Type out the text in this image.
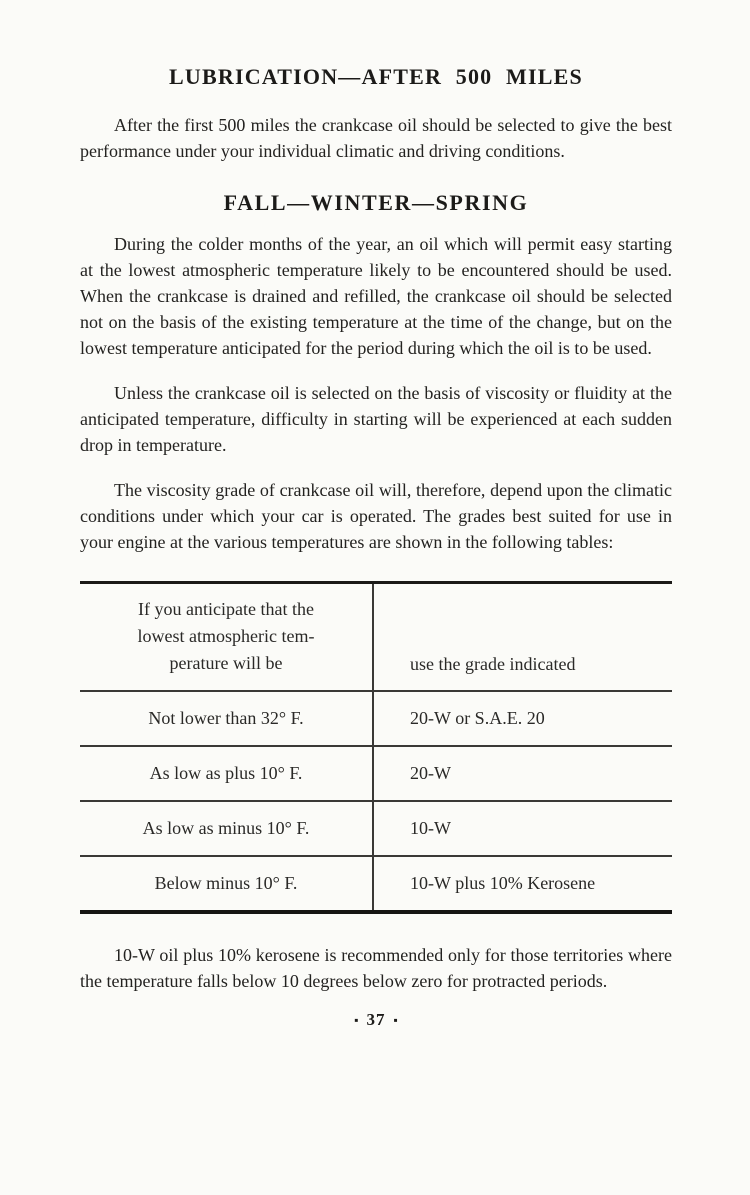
LUBRICATION—AFTER 500 MILES

After the first 500 miles the crankcase oil should be selected to give the best performance under your individual climatic and driving conditions.

FALL—WINTER—SPRING

During the colder months of the year, an oil which will permit easy starting at the lowest atmospheric temperature likely to be encountered should be used. When the crankcase is drained and refilled, the crankcase oil should be selected not on the basis of the existing temperature at the time of the change, but on the lowest temperature anticipated for the period during which the oil is to be used.

Unless the crankcase oil is selected on the basis of viscosity or fluidity at the anticipated temperature, difficulty in starting will be experienced at each sudden drop in temperature.

The viscosity grade of crankcase oil will, therefore, depend upon the climatic conditions under which your car is operated. The grades best suited for use in your engine at the various temperatures are shown in the following tables:

If you anticipate that the
lowest atmospheric tem-
perature will be	use the grade indicated
Not lower than 32° F.	20-W or S.A.E. 20
As low as plus 10° F.	20-W
As low as minus 10° F.	10-W
Below minus 10° F.	10-W plus 10% Kerosene

10-W oil plus 10% kerosene is recommended only for those territories where the temperature falls below 10 degrees below zero for protracted periods.

▪ 37 ▪
